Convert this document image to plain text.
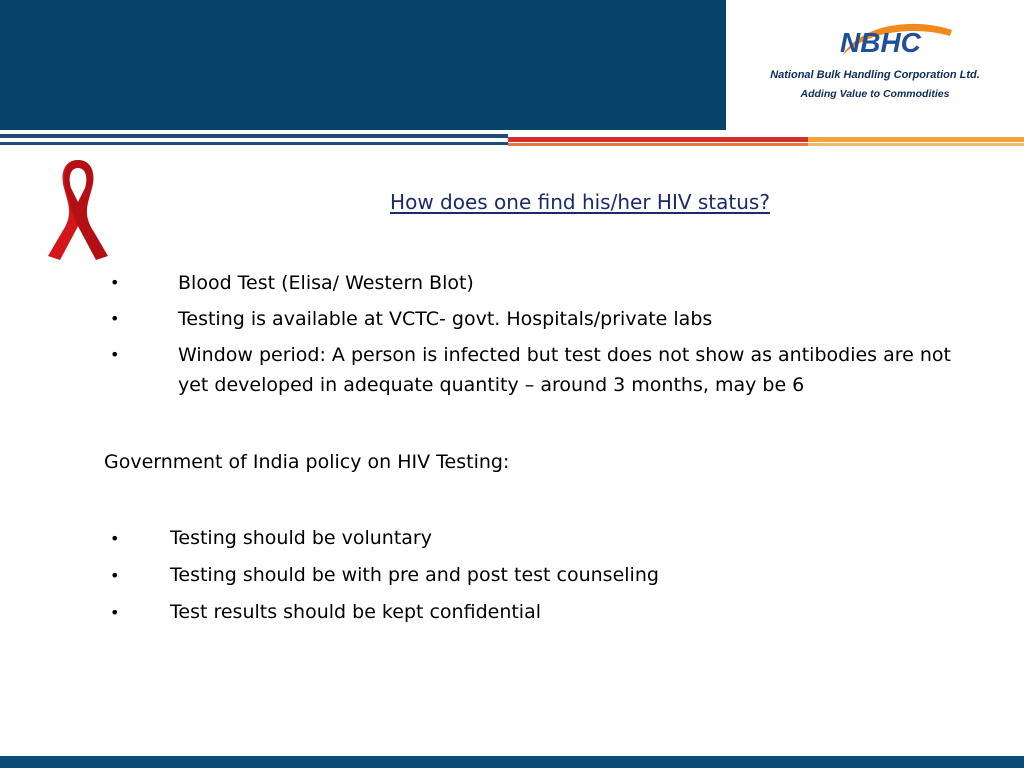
NBHC
National Bulk Handling Corporation Ltd.
Adding Value to Commodities
How does one find his/her HIV status?
•	Blood Test (Elisa/ Western Blot)
•	Testing is available at VCTC- govt. Hospitals/private labs
•	Window period: A person is infected but test does not show as antibodies are not yet developed in adequate quantity – around 3 months, may be 6
Government of India policy on HIV Testing:
•	Testing should be voluntary
•	Testing should be with pre and post test counseling
•	Test results should be kept confidential
